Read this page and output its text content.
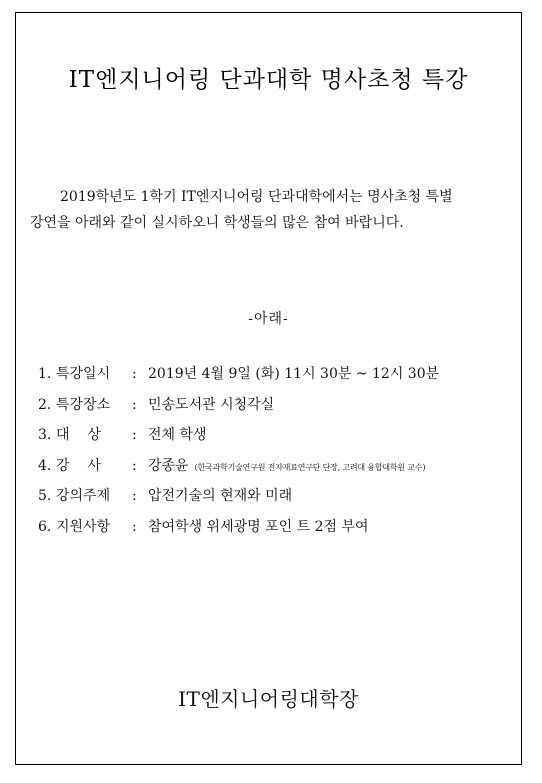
IT엔지니어링 단과대학 명사초청 특강
2019학년도 1학기 IT엔지니어링 단과대학에서는 명사초청 특별
강연을 아래와 같이 실시하오니 학생들의 많은 참여 바랍니다.
-아래-
1. 특강일시	: 2019년 4월 9일 (화) 11시 30분 ~ 12시 30분
2. 특강장소	: 민송도서관 시청각실
3. 대    상	: 전체 학생
4. 강    사	: 강종윤 (한국과학기술연구원 전자재료연구단 단장, 고려대 융합대학원 교수)
5. 강의주제	: 압전기술의 현재와 미래
6. 지원사항	: 참여학생 위세광명 포인 트 2점 부여
IT엔지니어링대학장
